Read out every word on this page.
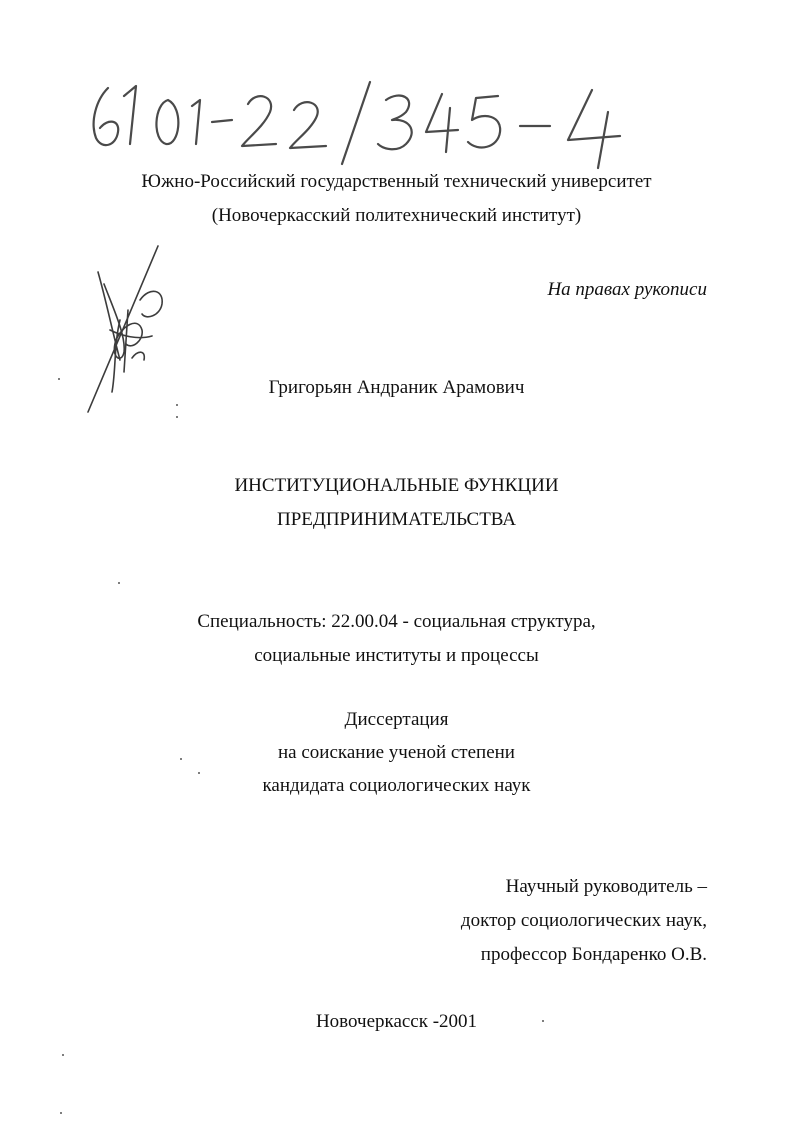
Южно-Российский государственный технический университет
(Новочеркасский политехнический институт)
На правах рукописи
Григорьян Андраник Арамович
ИНСТИТУЦИОНАЛЬНЫЕ ФУНКЦИИ
ПРЕДПРИНИМАТЕЛЬСТВА
Специальность: 22.00.04 - социальная структура,
социальные институты и процессы
Диссертация
на соискание ученой степени
кандидата социологических наук
Научный руководитель –
доктор социологических наук,
профессор Бондаренко О.В.
Новочеркасск -2001
